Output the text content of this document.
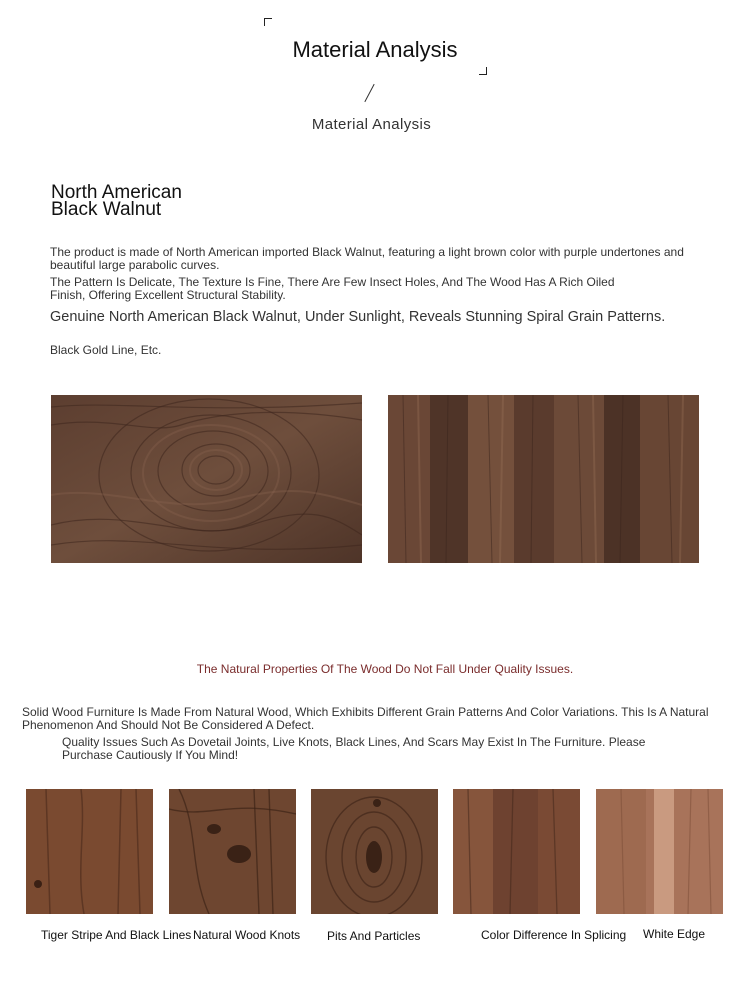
Material Analysis
Material Analysis
North American
Black Walnut
The product is made of North American imported Black Walnut, featuring a light brown color with purple undertones and beautiful large parabolic curves.
The Pattern Is Delicate, The Texture Is Fine, There Are Few Insect Holes, And The Wood Has A Rich Oiled Finish, Offering Excellent Structural Stability.
Genuine North American Black Walnut, Under Sunlight, Reveals Stunning Spiral Grain Patterns.
Black Gold Line, Etc.
The Natural Properties Of The Wood Do Not Fall Under Quality Issues.
Solid Wood Furniture Is Made From Natural Wood, Which Exhibits Different Grain Patterns And Color Variations. This Is A Natural Phenomenon And Should Not Be Considered A Defect.
Quality Issues Such As Dovetail Joints, Live Knots, Black Lines, And Scars May Exist In The Furniture. Please Purchase Cautiously If You Mind!
Tiger Stripe And Black Lines Natural Wood Knots Pits And Particles	Color Difference In Splicing White Edge
